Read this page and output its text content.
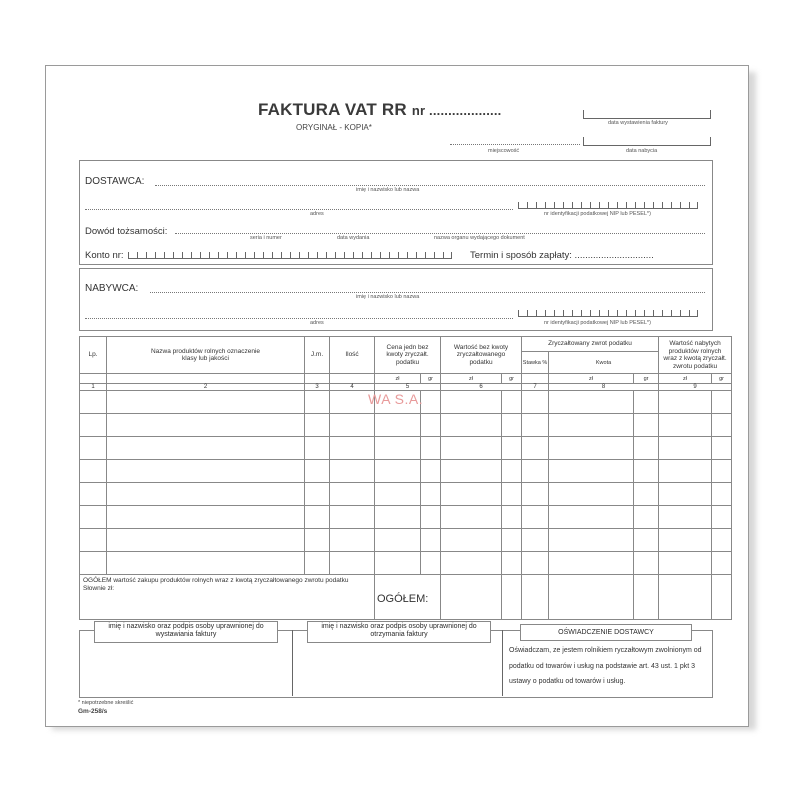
FAKTURA VAT RR nr ...................
ORYGINAŁ - KOPIA*	data wystawienia faktury
miejscowość	data nabycia
DOSTAWCA:
imię i nazwisko lub nazwa
adres	nr identyfikacji podatkowej NIP lub PESEL*)
Dowód tożsamości:
seria i numer	data wydania	nazwa organu wydającego dokument
Konto nr:	Termin i sposób zapłaty: ..............................
NABYWCA:
imię i nazwisko lub nazwa
adres	nr identyfikacji podatkowej NIP lub PESEL*)
Lp.	Nazwa produktów rolnych oznaczenie klasy lub jakości	J.m.	Ilość	Cena jedn bez kwoty zryczałt. podatku		Wartość bez kwoty zryczałtowanego podatku		Zryczałtowany zwrot podatku			Wartość nabytych produktów rolnych wraz z kwotą zryczałt. zwrotu podatku	
								Stawka %	Kwota			
				zł	gr	zł	gr		zł	gr	zł	gr
1	2	3	4	5		6		7	8		9	

OGÓŁEM wartość zakupu produktów rolnych wraz z kwotą zryczałtowanego zwrotu podatku
Słownie zł:				OGÓŁEM:								
WA S.A.
imię i nazwisko oraz podpis osoby uprawnionej do wystawiania faktury
imię i nazwisko oraz podpis osoby uprawnionej do otrzymania faktury	OŚWIADCZENIE DOSTAWCY
Oświadczam, ze jestem rolnikiem ryczałtowym zwolnionym od podatku od towarów i usług na podstawie art. 43 ust. 1 pkt 3 ustawy o podatku od towarów i usług.
* niepotrzebne skreślić
Gm-258/s
